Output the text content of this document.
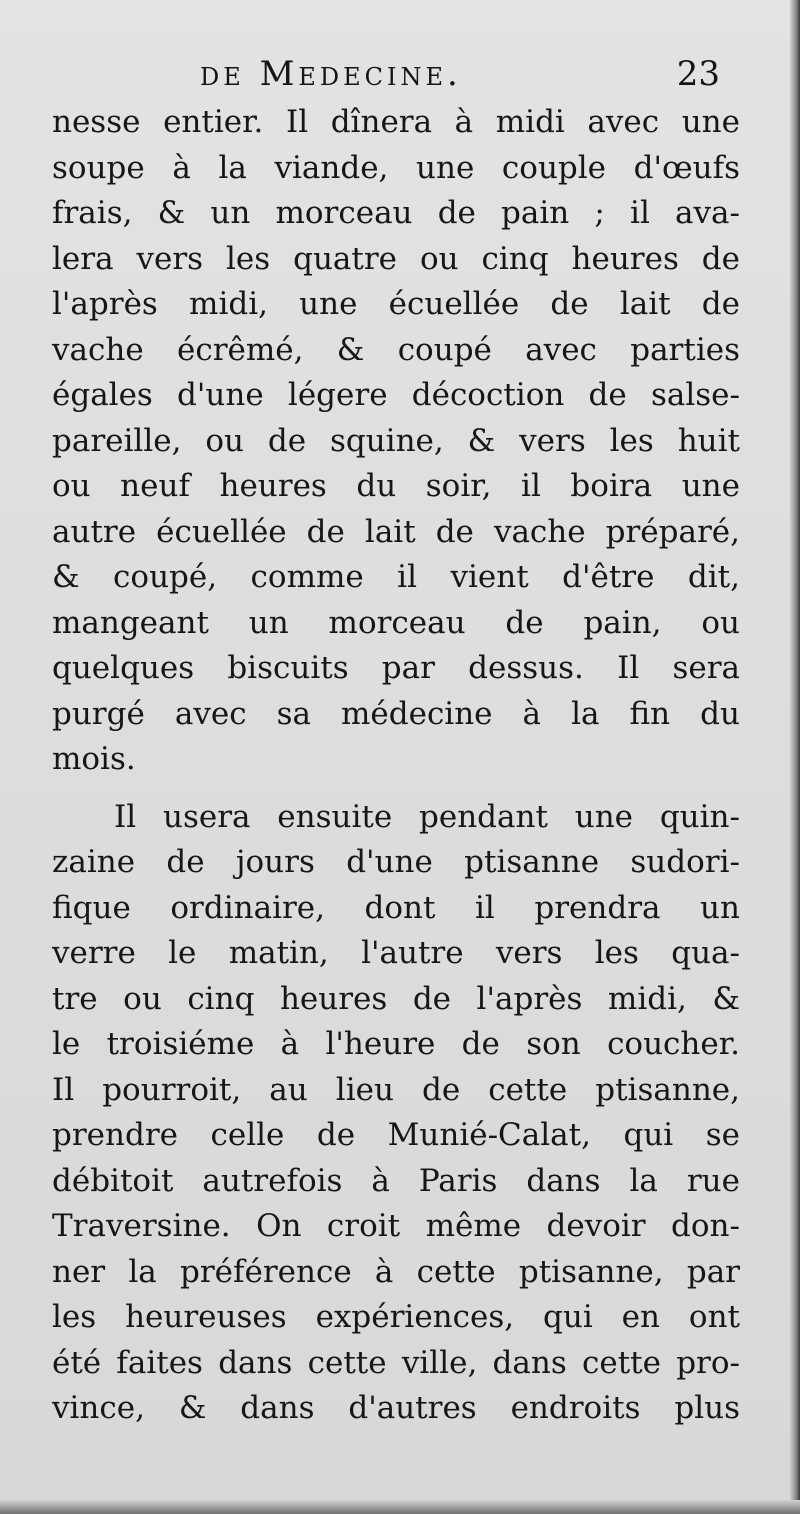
de Medecine.	23
nesse entier. Il dînera à midi avec une
soupe à la viande, une couple d'œufs
frais, & un morceau de pain ; il ava-
lera vers les quatre ou cinq heures de
l'après midi, une écuellée de lait de
vache écrêmé, & coupé avec parties
égales d'une légere décoction de salse-
pareille, ou de squine, & vers les huit
ou neuf heures du soir, il boira une
autre écuellée de lait de vache préparé,
& coupé, comme il vient d'être dit,
mangeant un morceau de pain, ou
quelques biscuits par dessus. Il sera
purgé avec sa médecine à la fin du
mois.
Il usera ensuite pendant une quin-
zaine de jours d'une ptisanne sudori-
fique ordinaire, dont il prendra un
verre le matin, l'autre vers les qua-
tre ou cinq heures de l'après midi, &
le troisiéme à l'heure de son coucher.
Il pourroit, au lieu de cette ptisanne,
prendre celle de Munié-Calat, qui se
débitoit autrefois à Paris dans la rue
Traversine. On croit même devoir don-
ner la préférence à cette ptisanne, par
les heureuses expériences, qui en ont
été faites dans cette ville, dans cette pro-
vince, & dans d'autres endroits plus
